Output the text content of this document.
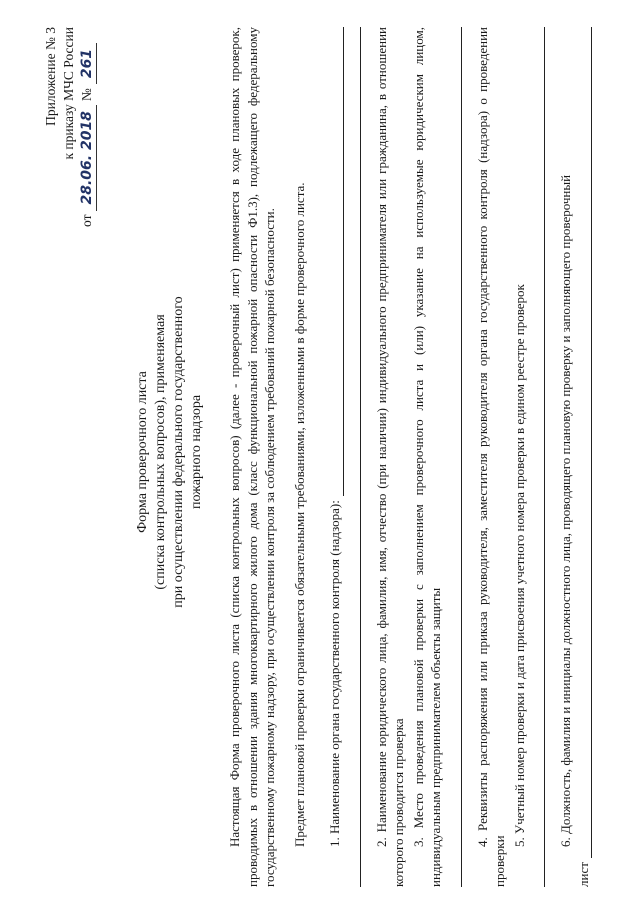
Приложение № 3 к приказу МЧС России
от
28.06. 2018
№
261
Форма проверочного листа (списка контрольных вопросов), применяемая при осуществлении федерального государственного пожарного надзора Настоящая Форма проверочного листа (списка контрольных вопросов) (далее - проверочный лист) применяется в ходе плановых проверок, проводимых в отношении здания многоквартирного жилого дома (класс функциональной пожарной опасности Ф1.3), подлежащего федеральному государственному пожарному надзору, при осуществлении контроля за соблюдением требований пожарной безопасности. Предмет плановой проверки ограничивается обязательными требованиями, изложенными в форме проверочного листа. 1. Наименование органа государственного контроля (надзора): 2. Наименование юридического лица, фамилия, имя, отчество (при наличии) индивидуального предпринимателя или гражданина, в отношении которого проводится проверка 3. Место проведения плановой проверки с заполнением проверочного листа и (или) указание на используемые юридическим лицом, индивидуальным предпринимателем объекты защиты 4. Реквизиты распоряжения или приказа руководителя, заместителя руководителя органа государственного контроля (надзора) о проведении проверки

5. Учетный номер проверки и дата присвоения учетного номера проверки в едином реестре проверок 6. Должность, фамилия и инициалы должностного лица, проводящего плановую проверку и заполняющего проверочный

лист
